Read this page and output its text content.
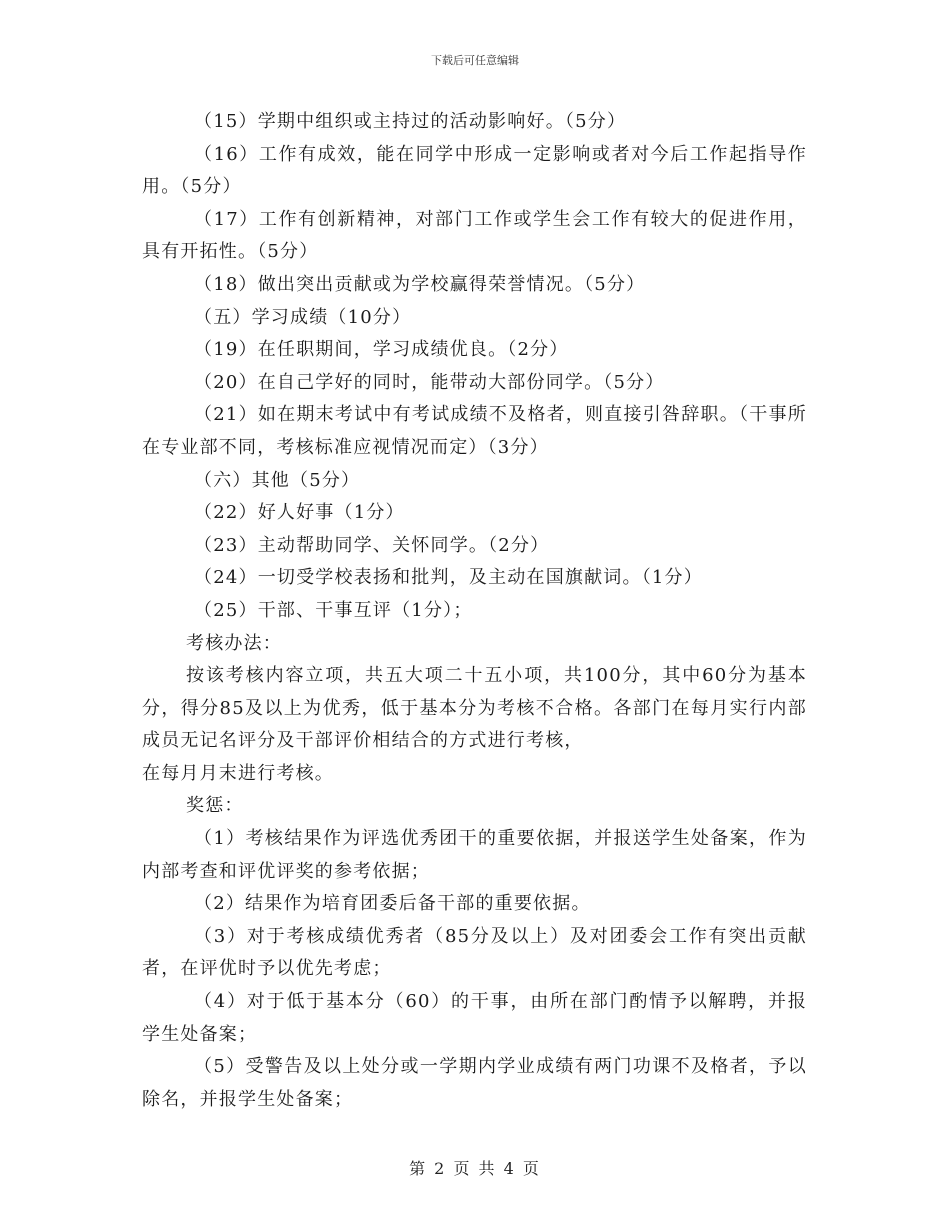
下载后可任意编辑

（15）学期中组织或主持过的活动影响好。（5分）

（16）工作有成效，能在同学中形成一定影响或者对今后工作起指导作用。（5分）

（17）工作有创新精神，对部门工作或学生会工作有较大的促进作用，具有开拓性。（5分）

（18）做出突出贡献或为学校赢得荣誉情况。（5分）

（五）学习成绩（10分）

（19）在任职期间，学习成绩优良。（2分）

（20）在自己学好的同时，能带动大部份同学。（5分）

（21）如在期末考试中有考试成绩不及格者，则直接引咎辞职。（干事所在专业部不同，考核标准应视情况而定）（3分）

（六）其他（5分）

（22）好人好事（1分）

（23）主动帮助同学、关怀同学。（2分）

（24）一切受学校表扬和批判，及主动在国旗献词。（1分）

（25）干部、干事互评（1分）；

考核办法：

按该考核内容立项，共五大项二十五小项，共100分，其中60分为基本分，得分85及以上为优秀，低于基本分为考核不合格。各部门在每月实行内部成员无记名评分及干部评价相结合的方式进行考核，

在每月月末进行考核。

奖惩：

（1）考核结果作为评选优秀团干的重要依据，并报送学生处备案，作为内部考查和评优评奖的参考依据；

（2）结果作为培育团委后备干部的重要依据。

（3）对于考核成绩优秀者（85分及以上）及对团委会工作有突出贡献者，在评优时予以优先考虑；

（4）对于低于基本分（60）的干事，由所在部门酌情予以解聘，并报学生处备案；

（5）受警告及以上处分或一学期内学业成绩有两门功课不及格者，予以除名，并报学生处备案；

第 2 页 共 4 页
